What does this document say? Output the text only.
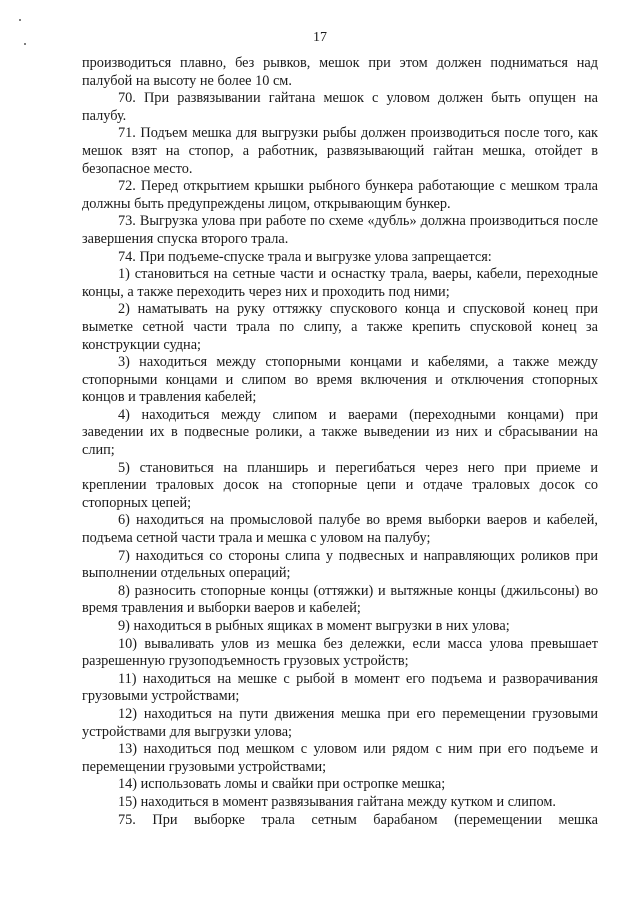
17

производиться плавно, без рывков, мешок при этом должен подниматься над палубой на высоту не более 10 см.

70. При развязывании гайтана мешок с уловом должен быть опущен на палубу.

71. Подъем мешка для выгрузки рыбы должен производиться после того, как мешок взят на стопор, а работник, развязывающий гайтан мешка, отойдет в безопасное место.

72. Перед открытием крышки рыбного бункера работающие с мешком трала должны быть предупреждены лицом, открывающим бункер.

73. Выгрузка улова при работе по схеме «дубль» должна производиться после завершения спуска второго трала.

74. При подъеме-спуске трала и выгрузке улова запрещается:

1) становиться на сетные части и оснастку трала, ваеры, кабели, переходные концы, а также переходить через них и проходить под ними;

2) наматывать на руку оттяжку спускового конца и спусковой конец при выметке сетной части трала по слипу, а также крепить спусковой конец за конструкции судна;

3) находиться между стопорными концами и кабелями, а также между стопорными концами и слипом во время включения и отключения стопорных концов и травления кабелей;

4) находиться между слипом и ваерами (переходными концами) при заведении их в подвесные ролики, а также выведении из них и сбрасывании на слип;

5) становиться на планширь и перегибаться через него при приеме и креплении траловых досок на стопорные цепи и отдаче траловых досок со стопорных цепей;

6) находиться на промысловой палубе во время выборки ваеров и кабелей, подъема сетной части трала и мешка с уловом на палубу;

7) находиться со стороны слипа у подвесных и направляющих роликов при выполнении отдельных операций;

8) разносить стопорные концы (оттяжки) и вытяжные концы (джильсоны) во время травления и выборки ваеров и кабелей;

9) находиться в рыбных ящиках в момент выгрузки в них улова;

10) вываливать улов из мешка без дележки, если масса улова превышает разрешенную грузоподъемность грузовых устройств;

11) находиться на мешке с рыбой в момент его подъема и разворачивания грузовыми устройствами;

12) находиться на пути движения мешка при его перемещении грузовыми устройствами для выгрузки улова;

13) находиться под мешком с уловом или рядом с ним при его подъеме и перемещении грузовыми устройствами;

14) использовать ломы и свайки при остропке мешка;

15) находиться в момент развязывания гайтана между кутком и слипом.

75. При выборке трала сетным барабаном (перемещении мешка
